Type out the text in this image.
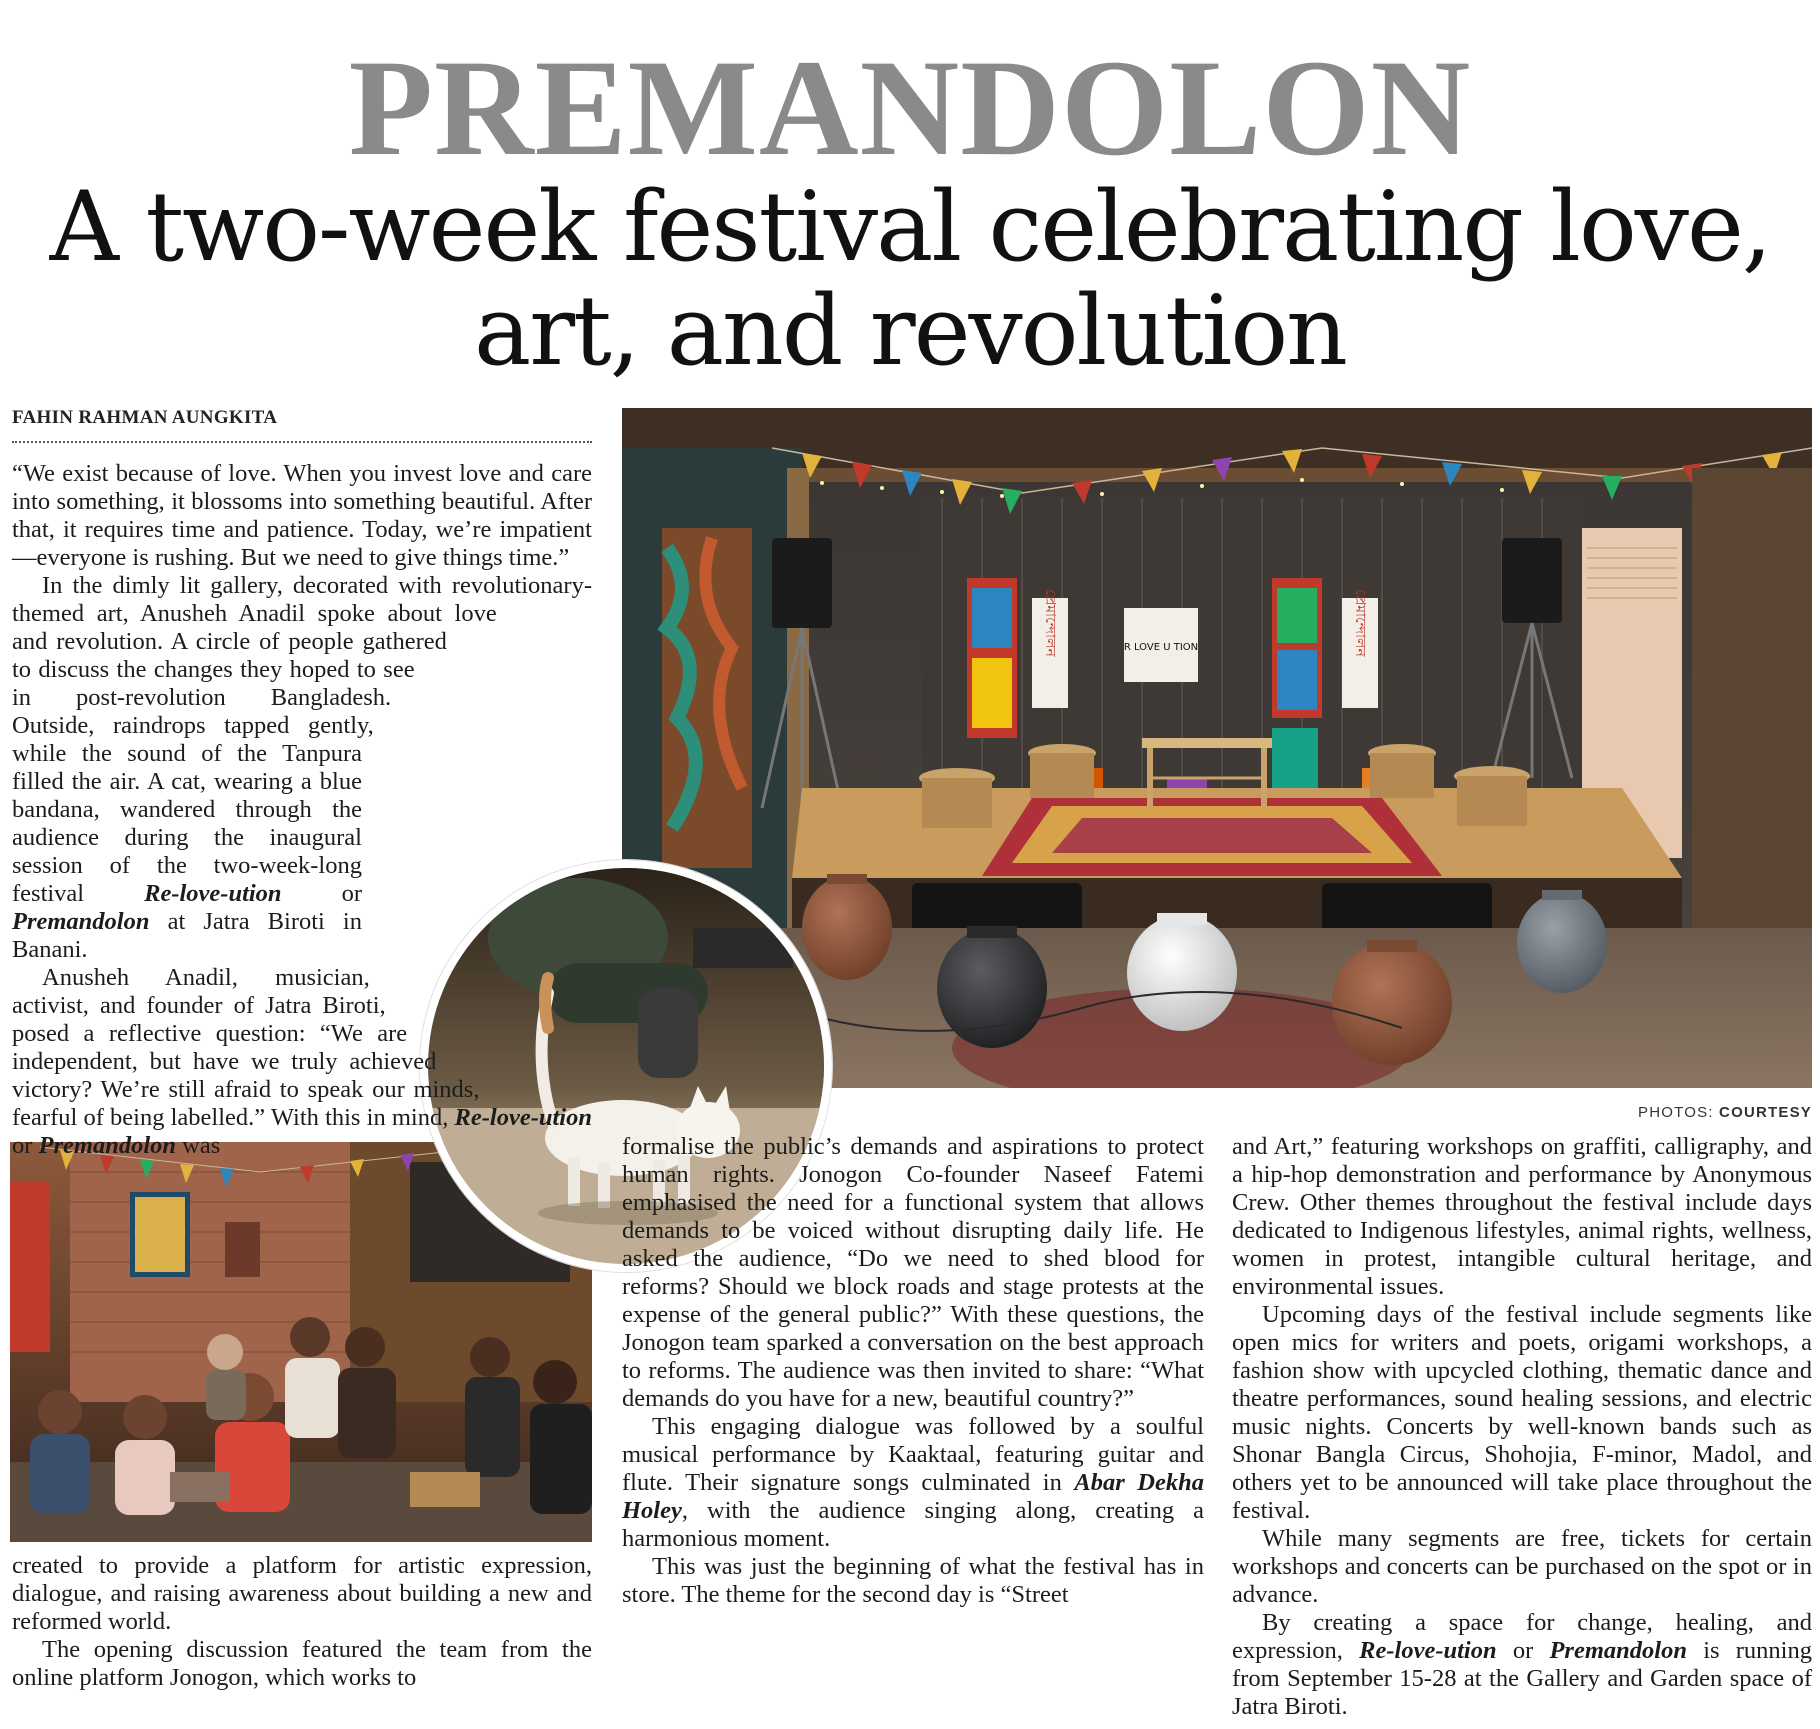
PREMANDOLON
A two-week festival celebrating love,
art, and revolution
FAHIN RAHMAN AUNGKITA
প্রেমান্দোলন	R LOVE U TION	প্রেমান্দোলন
PHOTOS: COURTESY

“We exist because of love. When you invest love and care into something, it blossoms into something beautiful. After that, it requires time and patience. Today, we’re impatient—everyone is rushing. But we need to give things time.”

In the dimly lit gallery, decorated with revolutionary-themed art, Anusheh Anadil spoke about love and revolution. A circle of people gathered to discuss the changes they hoped to see in post-revolution Bangladesh. Outside, raindrops tapped gently, while the sound of the Tanpura filled the air. A cat, wearing a blue bandana, wandered through the audience during the inaugural session of the two-week-long festival Re-love-ution or Premandolon at Jatra Biroti in Banani.

Anusheh Anadil, musician, activist, and founder of Jatra Biroti, posed a reflective question: “We are independent, but have we truly achieved victory? We’re still afraid to speak our minds, fearful of being labelled.” With this in mind, Re-love-ution or Premandolon was

created to provide a platform for artistic expression, dialogue, and raising awareness about building a new and reformed world.

The opening discussion featured the team from the online platform Jonogon, which works to

formalise the public’s demands and aspirations to protect human rights. Jonogon Co-founder Naseef Fatemi emphasised the need for a functional system that allows demands to be voiced without disrupting daily life. He asked the audience, “Do we need to shed blood for reforms? Should we block roads and stage protests at the expense of the general public?” With these questions, the Jonogon team sparked a conversation on the best approach to reforms. The audience was then invited to share: “What demands do you have for a new, beautiful country?”

This engaging dialogue was followed by a soulful musical performance by Kaaktaal, featuring guitar and flute. Their signature songs culminated in Abar Dekha Holey, with the audience singing along, creating a harmonious moment.

This was just the beginning of what the festival has in store. The theme for the second day is “Street

and Art,” featuring workshops on graffiti, calligraphy, and a hip-hop demonstration and performance by Anonymous Crew. Other themes throughout the festival include days dedicated to Indigenous lifestyles, animal rights, wellness, women in protest, intangible cultural heritage, and environmental issues.

Upcoming days of the festival include segments like open mics for writers and poets, origami workshops, a fashion show with upcycled clothing, thematic dance and theatre performances, sound healing sessions, and electric music nights. Concerts by well-known bands such as Shonar Bangla Circus, Shohojia, F-minor, Madol, and others yet to be announced will take place throughout the festival.

While many segments are free, tickets for certain workshops and concerts can be purchased on the spot or in advance.

By creating a space for change, healing, and expression, Re-love-ution or Premandolon is running from September 15-28 at the Gallery and Garden space of Jatra Biroti.
